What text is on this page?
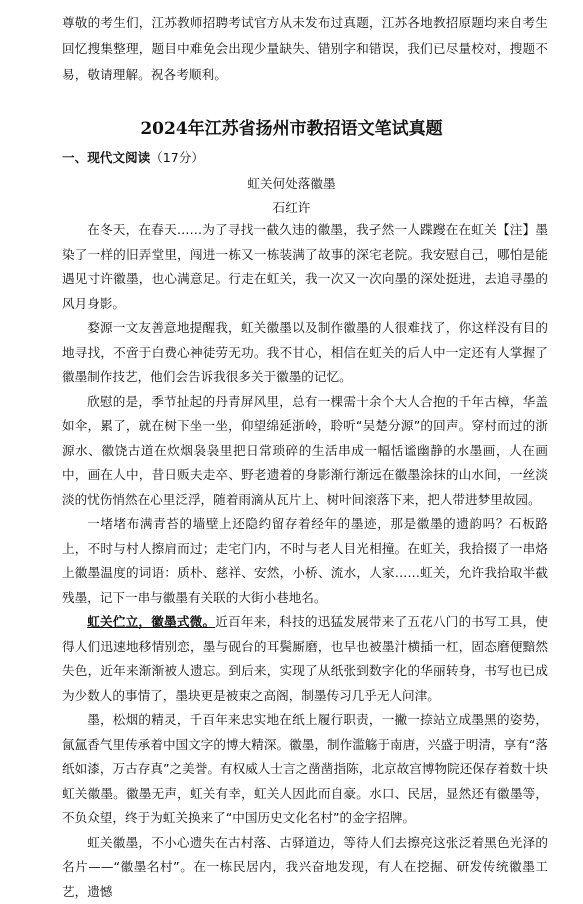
尊敬的考生们，江苏教师招聘考试官方从未发布过真题，江苏各地教招原题均来自考生回忆搜集整理，题目中难免会出现少量缺失、错别字和错误，我们已尽量校对，搜题不易，敬请理解。祝各考顺利。

2024年江苏省扬州市教招语文笔试真题
一、现代文阅读（17分）
虹关何处落徽墨
石红许

在冬天，在春天……为了寻找一截久违的徽墨，我孑然一人蹀躞在在虹关【注】墨染了一样的旧弄堂里，闯进一栋又一栋装满了故事的深宅老院。我安慰自己，哪怕是能遇见寸许徽墨，也心满意足。行走在虹关，我一次又一次向墨的深处挺进，去追寻墨的风月身影。

婺源一文友善意地提醒我，虹关徽墨以及制作徽墨的人很难找了，你这样没有目的地寻找，不啻于白费心神徒劳无功。我不甘心，相信在虹关的后人中一定还有人掌握了徽墨制作技艺，他们会告诉我很多关于徽墨的记忆。

欣慰的是，季节扯起的丹青屏风里，总有一棵需十余个大人合抱的千年古樟，华盖如伞，累了，就在树下坐一坐，仰望绵延浙岭，聆听“吴楚分源”的回声。穿村而过的浙源水、徽饶古道在炊烟袅袅里把日常琐碎的生活串成一幅恬谧幽静的水墨画，人在画中，画在人中，昔日贩夫走卒、野老遗着的身影渐行渐远在徽墨涂抹的山水间，一丝淡淡的忧伤悄然在心里泛浮，随着雨滴从瓦片上、树叶间滚落下来，把人带进梦里故园。

一堵堵布满青苔的墙壁上还隐约留存着经年的墨迹，那是徽墨的遗韵吗？石板路上，不时与村人擦肩而过；走宅门内，不时与老人目光相撞。在虹关，我拾掇了一串烙上徽墨温度的词语：质朴、慈祥、安然，小桥、流水，人家……虹关，允许我拾取半截残墨，记下一串与徽墨有关联的大街小巷地名。

虹关伫立，徽墨式微。近百年来，科技的迅猛发展带来了五花八门的书写工具，使得人们迅速地移情别恋，墨与砚台的耳鬓厮磨，也早也被墨汁横插一杠，固态磨便黯然失色，近年来渐渐被人遗忘。到后来，实现了从纸张到数字化的华丽转身，书写也已成为少数人的事情了，墨块更是被束之高阁，制墨传习几乎无人问津。

墨，松烟的精灵，千百年来忠实地在纸上履行职责，一撇一捺站立成墨黑的姿势，氤氲香气里传承着中国文字的博大精深。徽墨，制作滥觞于南唐，兴盛于明清，享有“落纸如漆，万古存真”之美誉。有权威人士言之凿凿指陈，北京故宫博物院还保存着数十块虹关徽墨。徽墨无声，虹关有幸，虹关人因此而自豪。水口、民居，显然还有徽墨等，不负众望，终于为虹关换来了“中国历史文化名村”的金字招牌。

虹关徽墨，不小心遗失在古村落、古驿道边，等待人们去擦亮这张泛着黑色光泽的名片——“徽墨名村”。在一栋民居内，我兴奋地发现，有人在挖掘、研发传统徽墨工艺，遗憾
